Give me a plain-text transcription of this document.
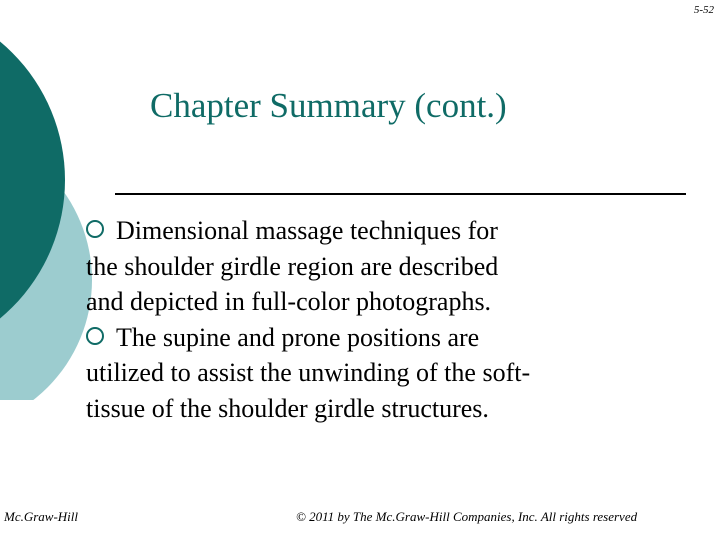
5-52
Chapter Summary (cont.)

Dimensional massage techniques for
the shoulder girdle region are described
and depicted in full-color photographs.

The supine and prone positions are
utilized to assist the unwinding of the soft-
tissue of the shoulder girdle structures.

Mc.Graw-Hill	© 2011 by The Mc.Graw-Hill Companies, Inc. All rights reserved
